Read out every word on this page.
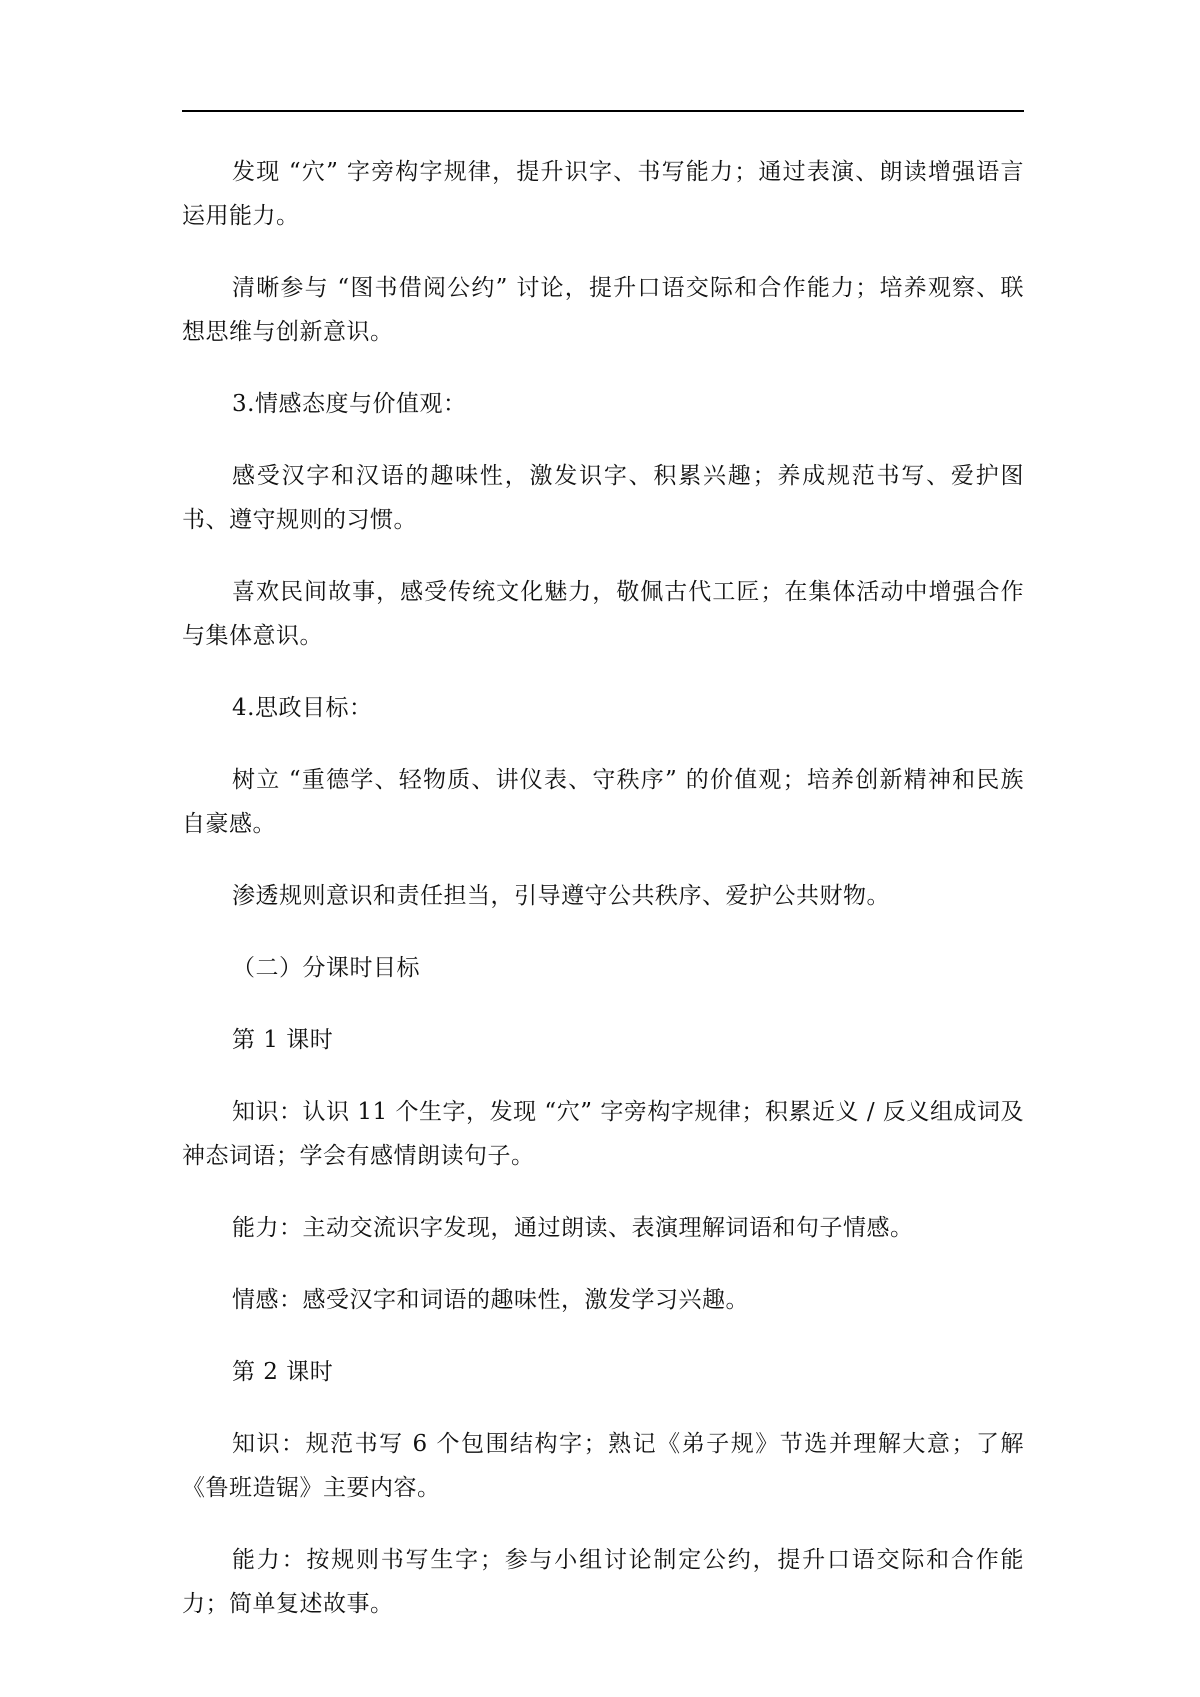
发现 “穴” 字旁构字规律，提升识字、书写能力；通过表演、朗读增强语言运用能力。

清晰参与 “图书借阅公约” 讨论，提升口语交际和合作能力；培养观察、联想思维与创新意识。

3.情感态度与价值观：

感受汉字和汉语的趣味性，激发识字、积累兴趣；养成规范书写、爱护图书、遵守规则的习惯。

喜欢民间故事，感受传统文化魅力，敬佩古代工匠；在集体活动中增强合作与集体意识。

4.思政目标：

树立 “重德学、轻物质、讲仪表、守秩序” 的价值观；培养创新精神和民族自豪感。

渗透规则意识和责任担当，引导遵守公共秩序、爱护公共财物。

（二）分课时目标

第 1 课时

知识：认识 11 个生字，发现 “穴” 字旁构字规律；积累近义 / 反义组成词及神态词语；学会有感情朗读句子。

能力：主动交流识字发现，通过朗读、表演理解词语和句子情感。

情感：感受汉字和词语的趣味性，激发学习兴趣。

第 2 课时

知识：规范书写 6 个包围结构字；熟记《弟子规》节选并理解大意；了解《鲁班造锯》主要内容。

能力：按规则书写生字；参与小组讨论制定公约，提升口语交际和合作能力；简单复述故事。
